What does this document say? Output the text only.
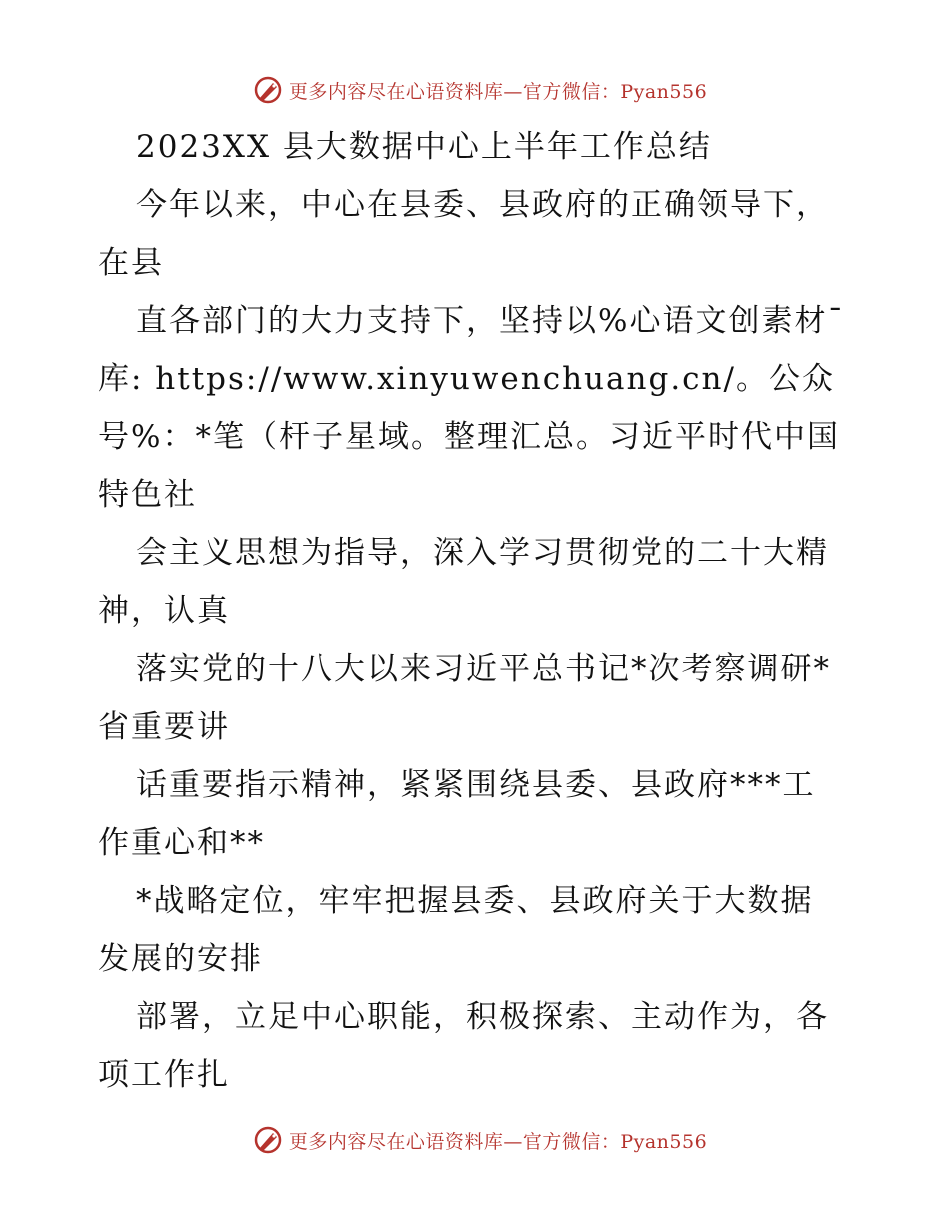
更多内容尽在心语资料库—官方微信：Pyan556
2023XX 县大数据中心上半年工作总结
今年以来，中心在县委、县政府的正确领导下，
在县
直各部门的大力支持下，坚持以%心语文创素材¯
库: https://www.xinyuwenchuang.cn/。公众
号%：*笔（杆子星域。整理汇总。习近平时代中国
特色社
会主义思想为指导，深入学习贯彻党的二十大精
神，认真
落实党的十八大以来习近平总书记*次考察调研*
省重要讲
话重要指示精神，紧紧围绕县委、县政府***工
作重心和**
*战略定位，牢牢把握县委、县政府关于大数据
发展的安排
部署，立足中心职能，积极探索、主动作为，各
项工作扎
更多内容尽在心语资料库—官方微信：Pyan556
